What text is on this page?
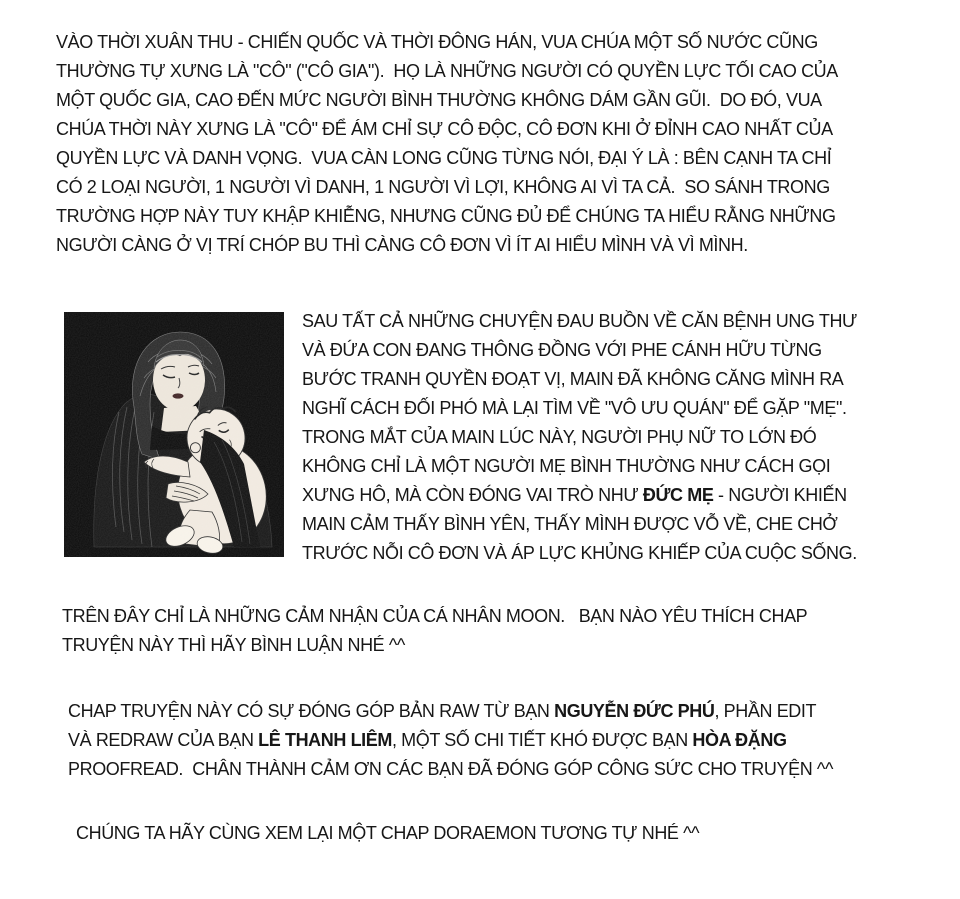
VÀO THỜI XUÂN THU - CHIẾN QUỐC VÀ THỜI ĐÔNG HÁN, VUA CHÚA MỘT SỐ NƯỚC CŨNG
THƯỜNG TỰ XƯNG LÀ "CÔ" ("CÔ GIA").  HỌ LÀ NHỮNG NGƯỜI CÓ QUYỀN LỰC TỐI CAO CỦA
MỘT QUỐC GIA, CAO ĐẾN MỨC NGƯỜI BÌNH THƯỜNG KHÔNG DÁM GẦN GŨI.  DO ĐÓ, VUA
CHÚA THỜI NÀY XƯNG LÀ "CÔ" ĐỂ ÁM CHỈ SỰ CÔ ĐỘC, CÔ ĐƠN KHI Ở ĐỈNH CAO NHẤT CỦA
QUYỀN LỰC VÀ DANH VỌNG.  VUA CÀN LONG CŨNG TỪNG NÓI, ĐẠI Ý LÀ : BÊN CẠNH TA CHỈ
CÓ 2 LOẠI NGƯỜI, 1 NGƯỜI VÌ DANH, 1 NGƯỜI VÌ LỢI, KHÔNG AI VÌ TA CẢ.  SO SÁNH TRONG
TRƯỜNG HỢP NÀY TUY KHẬP KHIỄNG, NHƯNG CŨNG ĐỦ ĐỂ CHÚNG TA HIỂU RẰNG NHỮNG
NGƯỜI CÀNG Ở VỊ TRÍ CHÓP BU THÌ CÀNG CÔ ĐƠN VÌ ÍT AI HIỂU MÌNH VÀ VÌ MÌNH.
SAU TẤT CẢ NHỮNG CHUYỆN ĐAU BUỒN VỀ CĂN BỆNH UNG THƯ
VÀ ĐỨA CON ĐANG THÔNG ĐỒNG VỚI PHE CÁNH HỮU TỪNG
BƯỚC TRANH QUYỀN ĐOẠT VỊ, MAIN ĐÃ KHÔNG CĂNG MÌNH RA
NGHĨ CÁCH ĐỐI PHÓ MÀ LẠI TÌM VỀ "VÔ ƯU QUÁN" ĐỂ GẶP "MẸ".
TRONG MẮT CỦA MAIN LÚC NÀY, NGƯỜI PHỤ NỮ TO LỚN ĐÓ
KHÔNG CHỈ LÀ MỘT NGƯỜI MẸ BÌNH THƯỜNG NHƯ CÁCH GỌI
XƯNG HÔ, MÀ CÒN ĐÓNG VAI TRÒ NHƯ ĐỨC MẸ - NGƯỜI KHIẾN
MAIN CẢM THẤY BÌNH YÊN, THẤY MÌNH ĐƯỢC VỖ VỀ, CHE CHỞ
TRƯỚC NỖI CÔ ĐƠN VÀ ÁP LỰC KHỦNG KHIẾP CỦA CUỘC SỐNG.
TRÊN ĐÂY CHỈ LÀ NHỮNG CẢM NHẬN CỦA CÁ NHÂN MOON.   BẠN NÀO YÊU THÍCH CHAP
TRUYỆN NÀY THÌ HÃY BÌNH LUẬN NHÉ ^^
CHAP TRUYỆN NÀY CÓ SỰ ĐÓNG GÓP BẢN RAW TỪ BẠN NGUYỄN ĐỨC PHÚ, PHẦN EDIT
VÀ REDRAW CỦA BẠN LÊ THANH LIÊM, MỘT SỐ CHI TIẾT KHÓ ĐƯỢC BẠN HÒA ĐẶNG
PROOFREAD.  CHÂN THÀNH CẢM ƠN CÁC BẠN ĐÃ ĐÓNG GÓP CÔNG SỨC CHO TRUYỆN ^^
CHÚNG TA HÃY CÙNG XEM LẠI MỘT CHAP DORAEMON TƯƠNG TỰ NHÉ ^^
